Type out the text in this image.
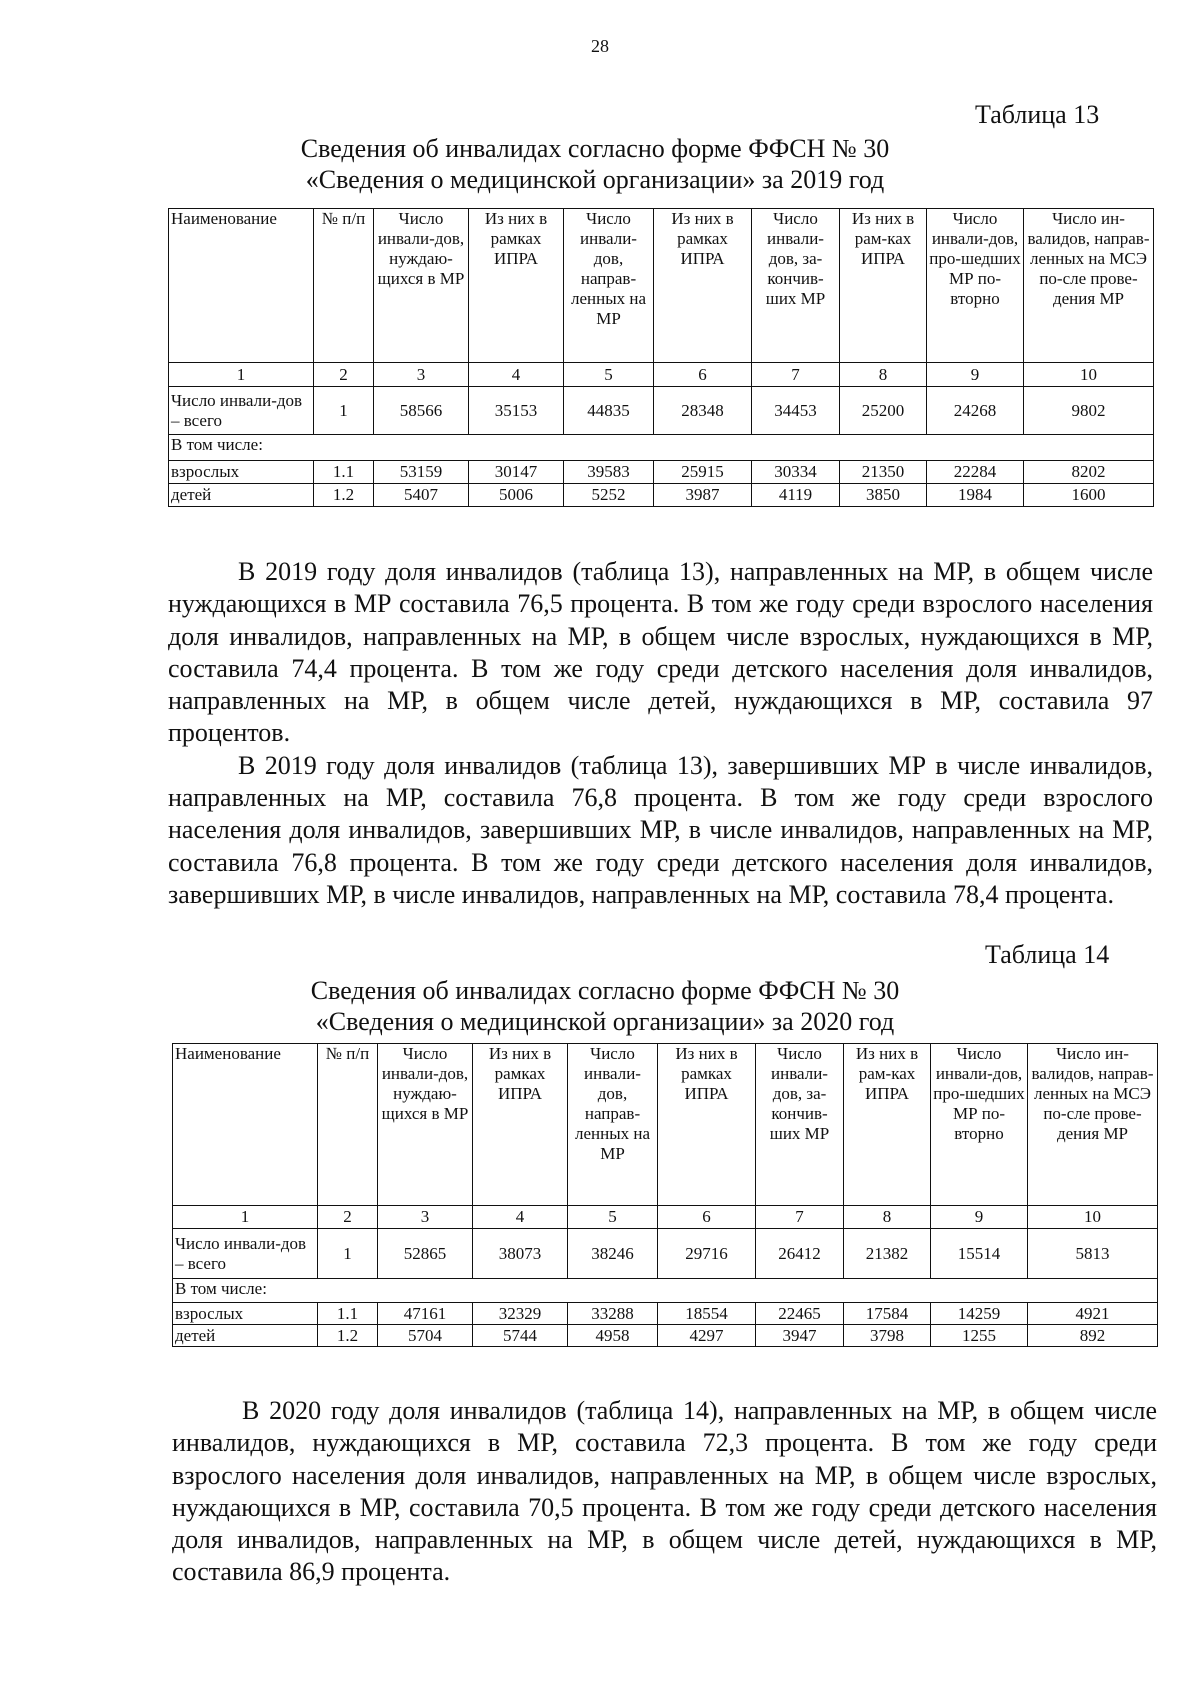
28
Таблица 13
Сведения об инвалидах согласно форме ФФСН № 30
«Сведения о медицинской организации» за 2019 год
Наименование	№ п/п	Число инвали-дов, нуждаю-щихся в МР	Из них в рамках ИПРА	Число инвали-дов, направ-ленных на МР	Из них в рамках ИПРА	Число инвали-дов, за-кончив-ших МР	Из них в рам-ках ИПРА	Число инвали-дов, про-шедших МР по-вторно	Число ин-валидов, направ-ленных на МСЭ по-сле прове-дения МР
1	2	3	4	5	6	7	8	9	10
Число инвали-дов – всего	1	58566	35153	44835	28348	34453	25200	24268	9802
В том числе:									
взрослых	1.1	53159	30147	39583	25915	30334	21350	22284	8202
детей	1.2	5407	5006	5252	3987	4119	3850	1984	1600

В 2019 году доля инвалидов (таблица 13), направленных на МР, в общем числе нуждающихся в МР составила 76,5 процента. В том же году среди взрослого населения доля инвалидов, направленных на МР, в общем числе взрослых, нуждающихся в МР, составила 74,4 процента. В том же году среди детского населения доля инвалидов, направленных на МР, в общем числе детей, нуждающихся в МР, составила 97 процентов.

В 2019 году доля инвалидов (таблица 13), завершивших МР в числе инвалидов, направленных на МР, составила 76,8 процента. В том же году среди взрослого населения доля инвалидов, завершивших МР, в числе инвалидов, направленных на МР, составила 76,8 процента. В том же году среди детского населения доля инвалидов, завершивших МР, в числе инвалидов, направленных на МР, составила 78,4 процента.

Таблица 14
Сведения об инвалидах согласно форме ФФСН № 30
«Сведения о медицинской организации» за 2020 год
Наименование	№ п/п	Число инвали-дов, нуждаю-щихся в МР	Из них в рамках ИПРА	Число инвали-дов, направ-ленных на МР	Из них в рамках ИПРА	Число инвали-дов, за-кончив-ших МР	Из них в рам-ках ИПРА	Число инвали-дов, про-шедших МР по-вторно	Число ин-валидов, направ-ленных на МСЭ по-сле прове-дения МР
1	2	3	4	5	6	7	8	9	10
Число инвали-дов – всего	1	52865	38073	38246	29716	26412	21382	15514	5813
В том числе:									
взрослых	1.1	47161	32329	33288	18554	22465	17584	14259	4921
детей	1.2	5704	5744	4958	4297	3947	3798	1255	892

В 2020 году доля инвалидов (таблица 14), направленных на МР, в общем числе инвалидов, нуждающихся в МР, составила 72,3 процента. В том же году среди взрослого населения доля инвалидов, направленных на МР, в общем числе взрослых, нуждающихся в МР, составила 70,5 процента. В том же году среди детского населения доля инвалидов, направленных на МР, в общем числе детей, нуждающихся в МР, составила 86,9 процента.
